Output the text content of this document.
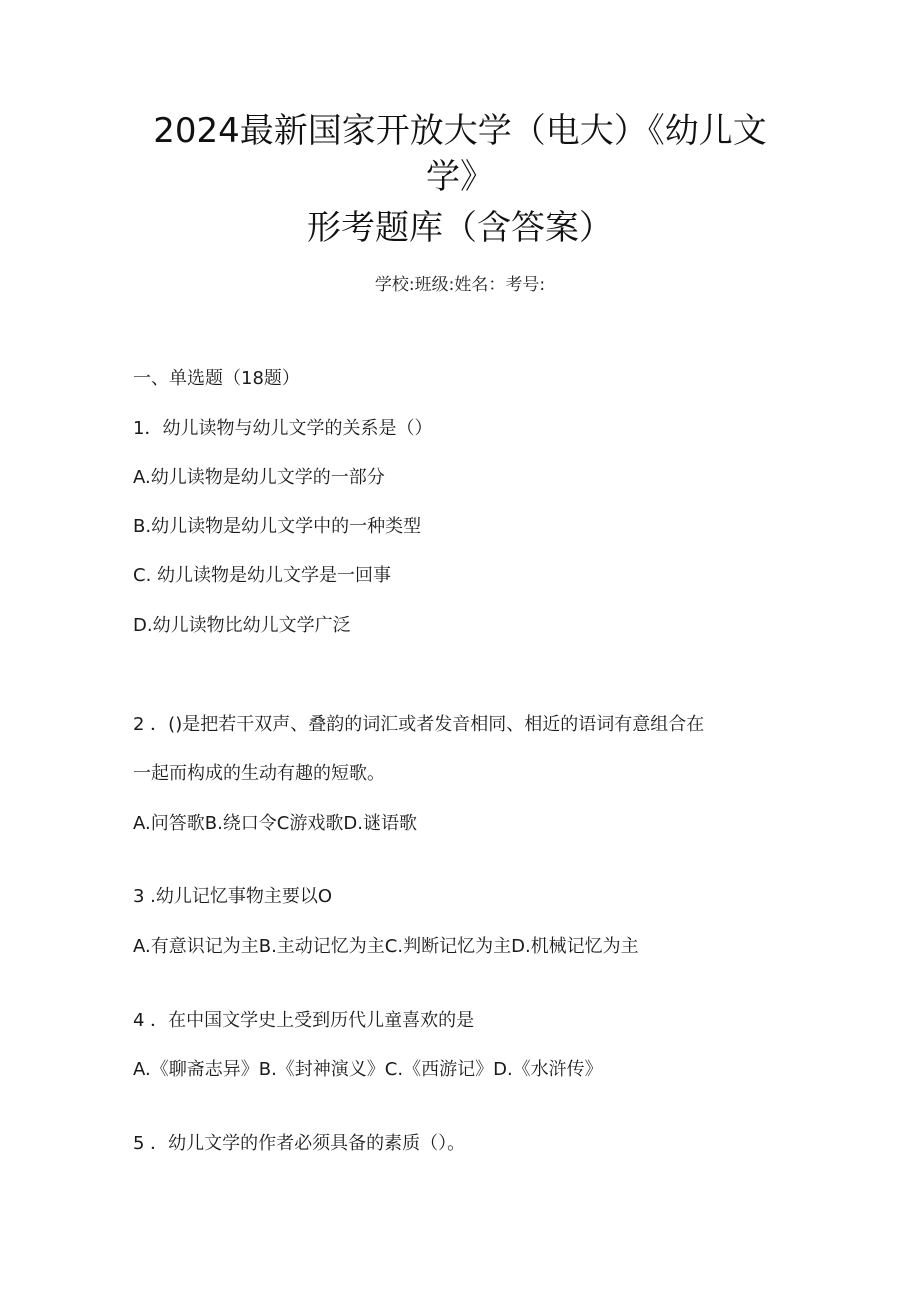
2024最新国家开放大学（电大）《幼儿文
学》
形考题库（含答案）
学校:班级:姓名：考号:
一、单选题（18题）
1．幼儿读物与幼儿文学的关系是（）
A.幼儿读物是幼儿文学的一部分
B.幼儿读物是幼儿文学中的一种类型
C. 幼儿读物是幼儿文学是一回事
D.幼儿读物比幼儿文学广泛
2 ．()是把若干双声、叠韵的词汇或者发音相同、相近的语词有意组合在
一起而构成的生动有趣的短歌。
A.问答歌B.绕口令C游戏歌D.谜语歌
3 .幼儿记忆事物主要以O
A.有意识记为主B.主动记忆为主C.判断记忆为主D.机械记忆为主
4 ．在中国文学史上受到历代儿童喜欢的是
A.《聊斋志异》B.《封神演义》C.《西游记》D.《水浒传》
5 ．幼儿文学的作者必须具备的素质（）。
